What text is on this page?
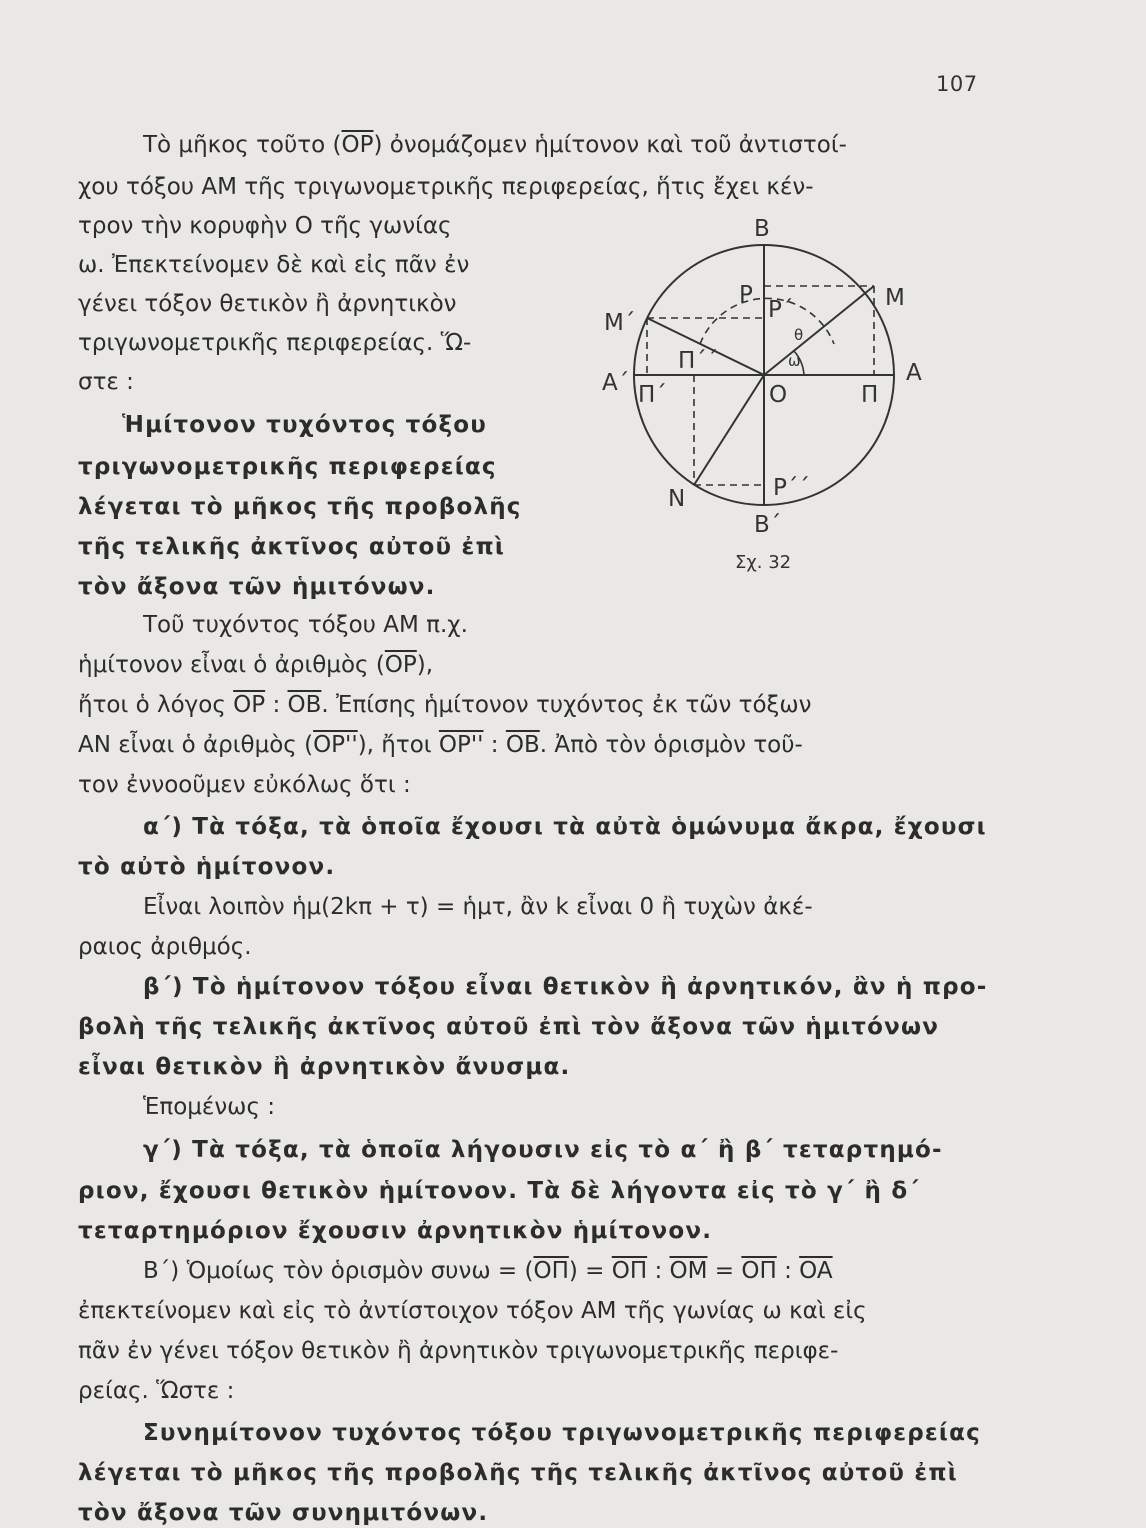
107
Τὸ μῆκος τοῦτο $(\overline{OP})$ ὀνομάζομεν ἡμίτονον καὶ τοῦ ἀντιστοί-
χου τόξου ΑΜ τῆς τριγωνομετρικῆς περιφερείας, ἥτις ἔχει κέν-
τρον τὴν κορυφὴν Ο τῆς γωνίας
ω. Ἐπεκτείνομεν δὲ καὶ εἰς πᾶν ἐν
γένει τόξον θετικὸν ἢ ἀρνητικὸν
τριγωνομετρικῆς περιφερείας. Ὥ-
στε :
Ἡμίτονον τυχόντος τόξου
τριγωνομετρικῆς περιφερείας
λέγεται τὸ μῆκος τῆς προβολῆς
τῆς τελικῆς ἀκτῖνος αὐτοῦ ἐπὶ
τὸν ἄξονα τῶν ἡμιτόνων.
Τοῦ τυχόντος τόξου ΑΜ π.χ.
ἡμίτονον εἶναι ὁ ἀριθμὸς $(\overline{OP})$,
ἤτοι ὁ λόγος $\overline{OP}$ : $\overline{OB}$. Ἐπίσης ἡμίτονον τυχόντος ἐκ τῶν τόξων
ΑΝ εἶναι ὁ ἀριθμὸς (OP''), ἤτοι OP'' : $\overline{OB}$. Ἀπὸ τὸν ὁρισμὸν τοῦ-
τον ἐννοοῦμεν εὐκόλως ὅτι :
α΄) Τὰ τόξα, τὰ ὁποῖα ἔχουσι τὰ αὐτὰ ὁμώνυμα ἄκρα, ἔχουσι
τὸ αὐτὸ ἡμίτονον.
Εἶναι λοιπὸν ἡμ(2kπ + τ) = ἡμτ, ἂν k εἶναι 0 ἢ τυχὼν ἀκέ-
ραιος ἀριθμός.
β΄) Τὸ ἡμίτονον τόξου εἶναι θετικὸν ἢ ἀρνητικόν, ἂν ἡ προ-
βολὴ τῆς τελικῆς ἀκτῖνος αὐτοῦ ἐπὶ τὸν ἄξονα τῶν ἡμιτόνων
εἶναι θετικὸν ἢ ἀρνητικὸν ἄνυσμα.
Ἑπομένως :
γ΄) Τὰ τόξα, τὰ ὁποῖα λήγουσιν εἰς τὸ α΄ ἢ β΄ τεταρτημό-
ριον, ἔχουσι θετικὸν ἡμίτονον. Τὰ δὲ λήγοντα εἰς τὸ γ΄ ἢ δ΄
τεταρτημόριον ἔχουσιν ἀρνητικὸν ἡμίτονον.
Β΄) Ὁμοίως τὸν ὁρισμὸν $\sigma\upsilon\nu\omega = (\overline{O\Pi}) = \overline{O\Pi}$ : $\overline{OM} = \overline{O\Pi}$ : $\overline{OA}$
ἐπεκτείνομεν καὶ εἰς τὸ ἀντίστοιχον τόξον ΑΜ τῆς γωνίας ω καὶ εἰς
πᾶν ἐν γένει τόξον θετικὸν ἢ ἀρνητικὸν τριγωνομετρικῆς περιφε-
ρείας. Ὥστε :
Συνημίτονον τυχόντος τόξου τριγωνομετρικῆς περιφερείας
λέγεται τὸ μῆκος τῆς προβολῆς τῆς τελικῆς ἀκτῖνος αὐτοῦ ἐπὶ
τὸν ἄξονα τῶν συνημιτόνων.
B
P
P΄
θ
M
M΄
Π΄΄	ω
Α΄ Π΄	O	Π
A
P΄΄
N
B΄
Σχ. 32
